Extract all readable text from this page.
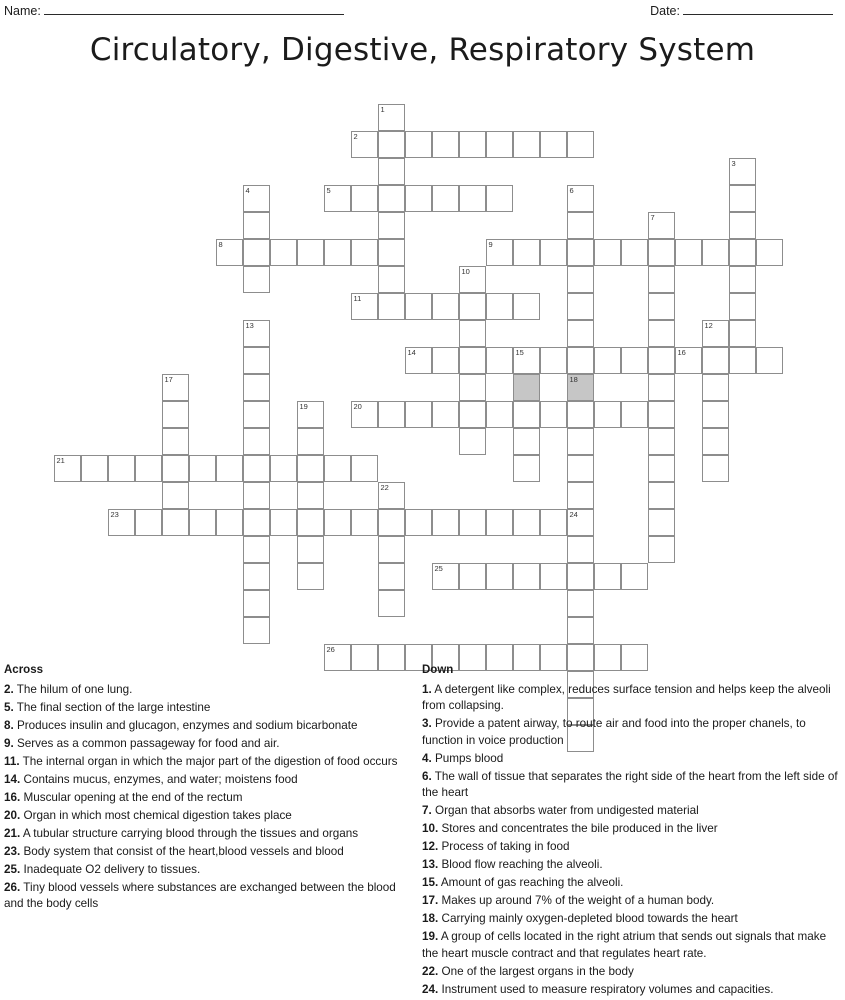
Name:	Date:
Circulatory, Digestive, Respiratory System
1
2
3
4	5	6
18
7
8	9
10
11
12
13
14	15	16
17
19	20
21
22
23	24
25
26
Across

2. The hilum of one lung.

5. The final section of the large intestine

8. Produces insulin and glucagon, enzymes and sodium bicarbonate

9. Serves as a common passageway for food and air.

11. The internal organ in which the major part of the digestion of food occurs

14. Contains mucus, enzymes, and water; moistens food

16. Muscular opening at the end of the rectum

20. Organ in which most chemical digestion takes place

21. A tubular structure carrying blood through the tissues and organs

23. Body system that consist of the heart,blood vessels and blood

25. Inadequate O2 delivery to tissues.

26. Tiny blood vessels where substances are exchanged between the blood and the body cells

Down

1. A detergent like complex, reduces surface tension and helps keep the alveoli from collapsing.

3. Provide a patent airway, to route air and food into the proper chanels, to function in voice production

4. Pumps blood

6. The wall of tissue that separates the right side of the heart from the left side of the heart

7. Organ that absorbs water from undigested material

10. Stores and concentrates the bile produced in the liver

12. Process of taking in food

13. Blood flow reaching the alveoli.

15. Amount of gas reaching the alveoli.

17. Makes up around 7% of the weight of a human body.

18. Carrying mainly oxygen-depleted blood towards the heart

19. A group of cells located in the right atrium that sends out signals that make the heart muscle contract and that regulates heart rate.

22. One of the largest organs in the body

24. Instrument used to measure respiratory volumes and capacities.
